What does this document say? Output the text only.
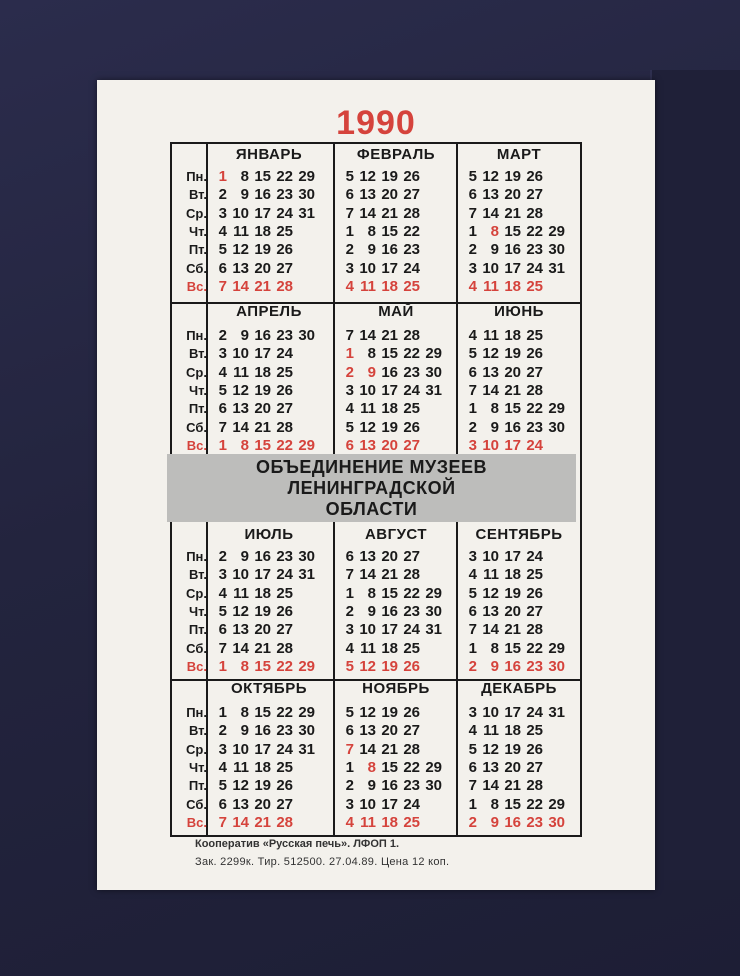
1990
ОБЪЕДИНЕНИЕ МУЗЕЕВ
ЛЕНИНГРАДСКОЙ
ОБЛАСТИ
Пн.
Вт.
Ср.
Чт.
Пт.
Сб.
Вс.
Пн.
Вт.
Ср.
Чт.
Пт.
Сб.
Вс.
Пн.
Вт.
Ср.
Чт.
Пт.
Сб.
Вс.
Пн.
Вт.
Ср.
Чт.
Пт.
Сб.
Вс.
ЯНВАРЬ
1 8 15 22 29
2 9 16 23 30
3 10 17 24 31
4 11 18 25
5 12 19 26
6 13 20 27
7 14 21 28
ФЕВРАЛЬ
5 12 19 26
6 13 20 27
7 14 21 28
1 8 15 22
2 9 16 23
3 10 17 24
4 11 18 25
МАРТ
5 12 19 26
6 13 20 27
7 14 21 28
1 8 15 22 29
2 9 16 23 30
3 10 17 24 31
4 11 18 25
АПРЕЛЬ
2 9 16 23 30
3 10 17 24
4 11 18 25
5 12 19 26
6 13 20 27
7 14 21 28
1 8 15 22 29
МАЙ
7 14 21 28
1 8 15 22 29
2 9 16 23 30
3 10 17 24 31
4 11 18 25
5 12 19 26
6 13 20 27
ИЮНЬ
4 11 18 25
5 12 19 26
6 13 20 27
7 14 21 28
1 8 15 22 29
2 9 16 23 30
3 10 17 24
ИЮЛЬ
2 9 16 23 30
3 10 17 24 31
4 11 18 25
5 12 19 26
6 13 20 27
7 14 21 28
1 8 15 22 29
АВГУСТ
6 13 20 27
7 14 21 28
1 8 15 22 29
2 9 16 23 30
3 10 17 24 31
4 11 18 25
5 12 19 26
СЕНТЯБРЬ
3 10 17 24
4 11 18 25
5 12 19 26
6 13 20 27
7 14 21 28
1 8 15 22 29
2 9 16 23 30
ОКТЯБРЬ
1 8 15 22 29
2 9 16 23 30
3 10 17 24 31
4 11 18 25
5 12 19 26
6 13 20 27
7 14 21 28
НОЯБРЬ
5 12 19 26
6 13 20 27
7 14 21 28
1 8 15 22 29
2 9 16 23 30
3 10 17 24
4 11 18 25
ДЕКАБРЬ
3 10 17 24 31
4 11 18 25
5 12 19 26
6 13 20 27
7 14 21 28
1 8 15 22 29
2 9 16 23 30
Кооператив «Русская печь». ЛФОП 1.
Зак. 2299к. Тир. 512500. 27.04.89. Цена 12 коп.
